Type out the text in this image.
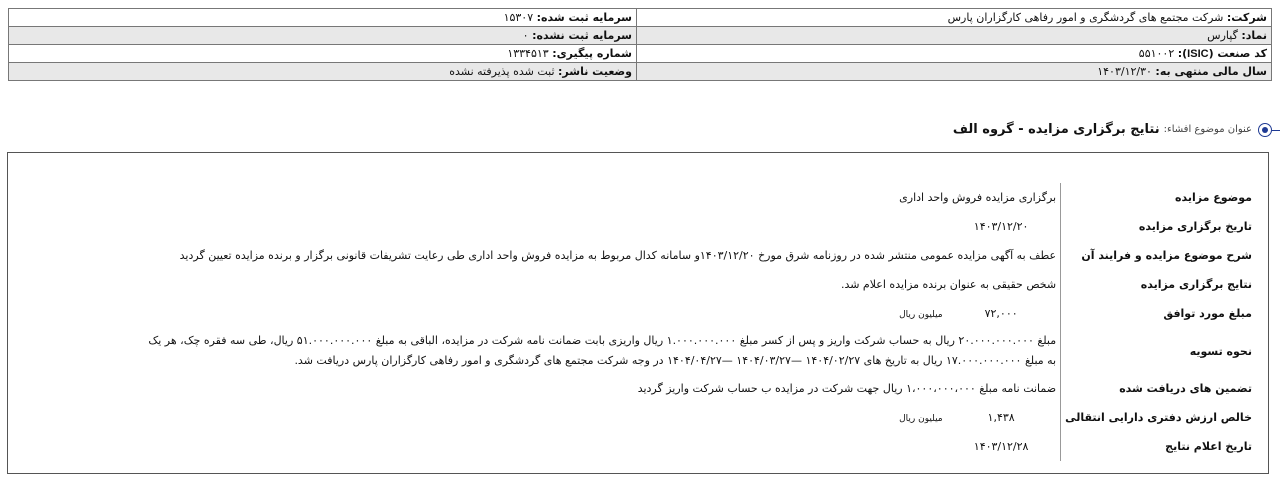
شرکت: شرکت مجتمع های گردشگری و امور رفاهی کارگزاران پارس	سرمایه ثبت شده: ۱۵۳۰۷
نماد: گپارس	سرمایه ثبت نشده: ۰
کد صنعت (ISIC): ۵۵۱۰۰۲	شماره پیگیری: ۱۳۳۴۵۱۳
سال مالی منتهی به: ۱۴۰۳/۱۲/۳۰	وضعیت ناشر: ثبت شده پذیرفته نشده
عنوان موضوع افشاء:
نتایج برگزاری مزایده - گروه الف
موضوع مزایده	برگزاری مزایده فروش واحد اداری
تاریخ برگزاری مزایده	۱۴۰۳/۱۲/۲۰
شرح موضوع مزایده و فرایند آن	عطف به آگهی مزایده عمومی منتشر شده در روزنامه شرق مورخ ۱۴۰۳/۱۲/۲۰و سامانه کدال مربوط به مزایده فروش واحد اداری طی رعایت تشریفات قانونی برگزار و برنده مزایده تعیین گردید
نتایج برگزاری مزایده	شخص حقیقی به عنوان برنده مزایده اعلام شد.
مبلغ مورد توافق	۷۲,۰۰۰ میلیون ریال
نحوه تسویه	مبلغ ۲۰.۰۰۰.۰۰۰.۰۰۰ ریال به حساب شرکت واریز و پس از کسر مبلغ ۱.۰۰۰.۰۰۰.۰۰۰ ریال واریزی بابت ضمانت نامه شرکت در مزایده، الباقی به مبلغ ۵۱.۰۰۰.۰۰۰.۰۰۰ ریال، طی سه فقره چک، هر یک
به مبلغ ۱۷.۰۰۰.۰۰۰.۰۰۰ ریال به تاریخ های ۱۴۰۴/۰۲/۲۷ —۱۴۰۴/۰۳/۲۷ —۱۴۰۴/۰۴/۲۷ در وجه شرکت مجتمع های گردشگری و امور رفاهی کارگزاران پارس دریافت شد.

تضمین های دریافت شده	ضمانت نامه مبلغ ۱،۰۰۰،۰۰۰،۰۰۰ ریال جهت شرکت در مزایده ب حساب شرکت واریز گردید
خالص ارزش دفتری دارایی انتقالی	۱,۴۳۸ میلیون ریال
تاریخ اعلام نتایج	۱۴۰۳/۱۲/۲۸
